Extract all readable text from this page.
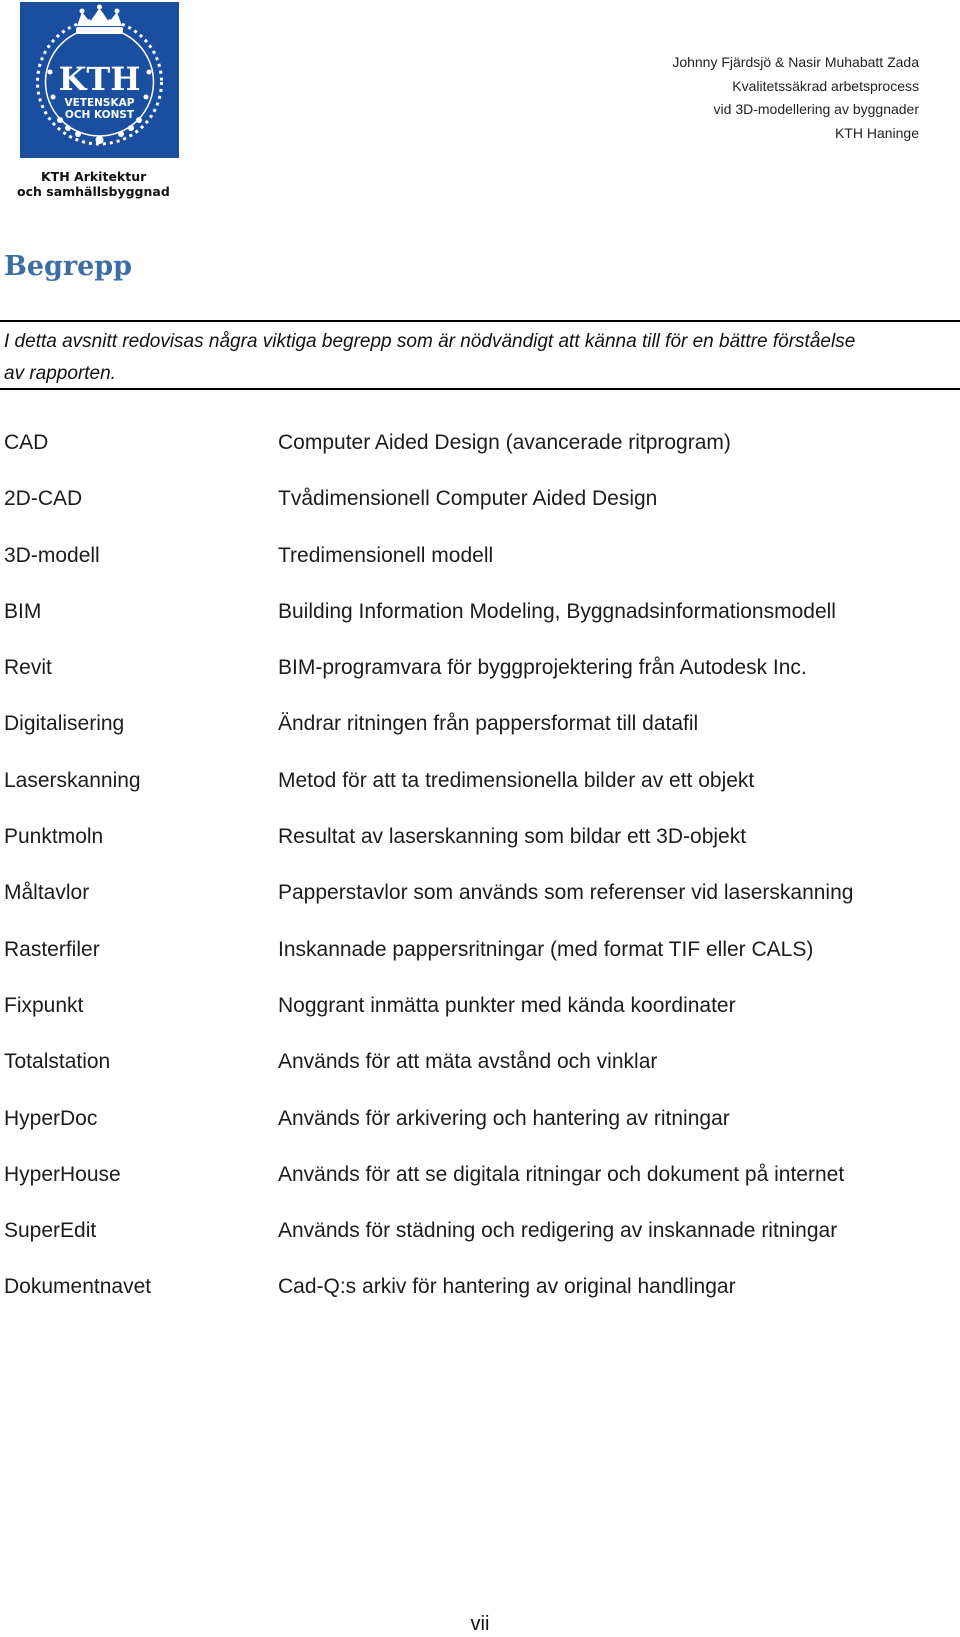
KTH
VETENSKAP
OCH KONST
KTH Arkitektur
och samhällsbyggnad
Johnny Fjärdsjö & Nasir Muhabatt Zada
Kvalitetssäkrad arbetsprocess
vid 3D-modellering av byggnader
KTH Haninge
Begrepp

I detta avsnitt redovisas några viktiga begrepp som är nödvändigt att känna till för en bättre förståelse av rapporten.

CAD	Computer Aided Design (avancerade ritprogram)
2D-CAD	Tvådimensionell Computer Aided Design
3D-modell	Tredimensionell modell
BIM	Building Information Modeling, Byggnadsinformationsmodell
Revit	BIM-programvara för byggprojektering från Autodesk Inc.
Digitalisering	Ändrar ritningen från pappersformat till datafil
Laserskanning	Metod för att ta tredimensionella bilder av ett objekt
Punktmoln	Resultat av laserskanning som bildar ett 3D-objekt
Måltavlor	Papperstavlor som används som referenser vid laserskanning
Rasterfiler	Inskannade pappersritningar (med format TIF eller CALS)
Fixpunkt	Noggrant inmätta punkter med kända koordinater
Totalstation	Används för att mäta avstånd och vinklar
HyperDoc	Används för arkivering och hantering av ritningar
HyperHouse	Används för att se digitala ritningar och dokument på internet
SuperEdit	Används för städning och redigering av inskannade ritningar
Dokumentnavet	Cad-Q:s arkiv för hantering av original handlingar
vii
